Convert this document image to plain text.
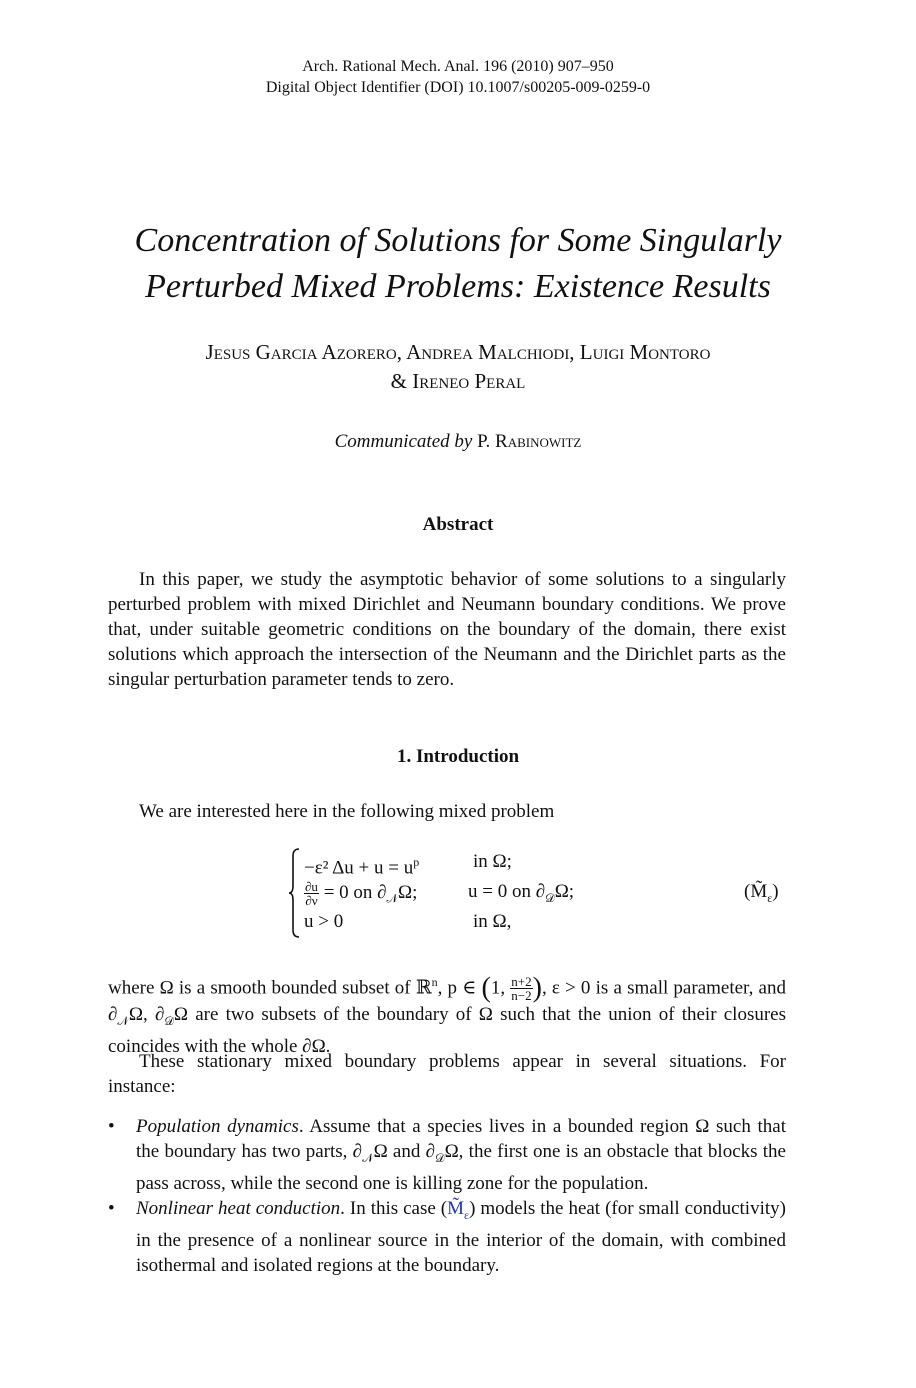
Arch. Rational Mech. Anal. 196 (2010) 907–950
Digital Object Identifier (DOI) 10.1007/s00205-009-0259-0
Concentration of Solutions for Some Singularly
Perturbed Mixed Problems: Existence Results
Jesus Garcia Azorero, Andrea Malchiodi, Luigi Montoro
& Ireneo Peral
Communicated by P. Rabinowitz
Abstract
In this paper, we study the asymptotic behavior of some solutions to a singularly perturbed problem with mixed Dirichlet and Neumann boundary conditions. We prove that, under suitable geometric conditions on the boundary of the domain, there exist solutions which approach the intersection of the Neumann and the Dirichlet parts as the singular perturbation parameter tends to zero.
1. Introduction
We are interested here in the following mixed problem
−ε² $\Delta u + u = u^p$	in Ω;
$\frac{\partial u}{\partial\nu} = 0$ on $\partial_𝒩\Omega$;	u = 0 on $\partial_𝒟\Omega$;
u > 0	in Ω,
$(M̃_\varepsilon)$
where Ω is a smooth bounded subset of ℝ$^n$, p ∈ (1, $\frac{n+2}{n-2}$ ), ε > 0 is a small parameter, and $\partial_𝒩\Omega$, $\partial_𝒟\Omega$ are two subsets of the boundary of Ω such that the union of their closures coincides with the whole ∂Ω.
These stationary mixed boundary problems appear in several situations. For instance:
• Population dynamics. Assume that a species lives in a bounded region Ω such that the boundary has two parts, $\partial_𝒩\Omega$ and $\partial_𝒟\Omega$, the first one is an obstacle that blocks the pass across, while the second one is killing zone for the population.
• Nonlinear heat conduction. In this case $(M̃_\varepsilon)$ models the heat (for small conductivity) in the presence of a nonlinear source in the interior of the domain, with combined isothermal and isolated regions at the boundary.
